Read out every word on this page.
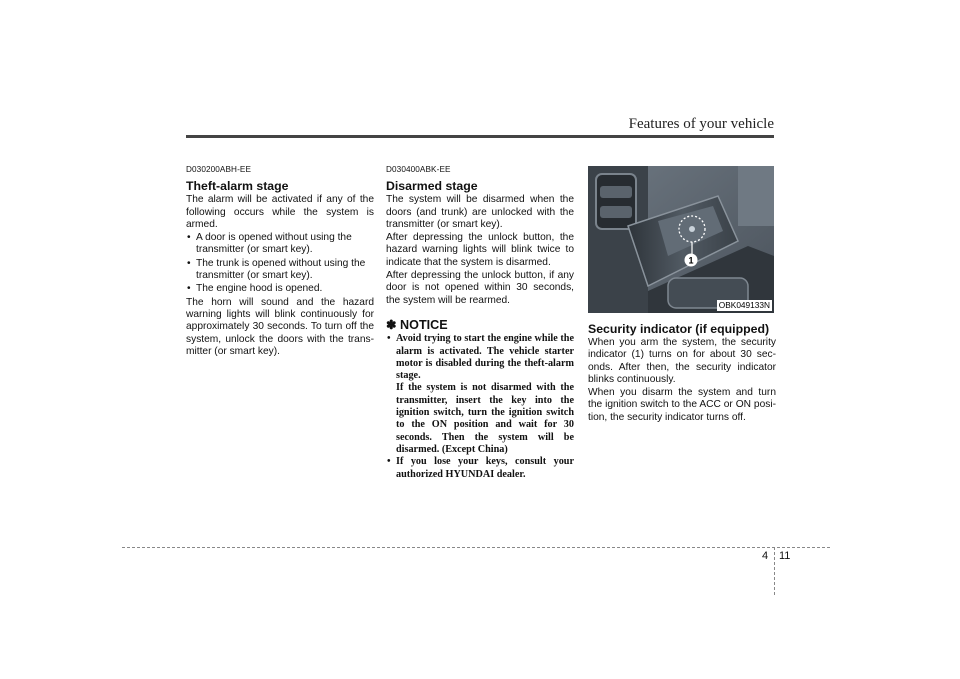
Features of your vehicle
D030200ABH-EE
Theft-alarm stage

The alarm will be activated if any of the following occurs while the system is armed.

• A door is opened without using the transmitter (or smart key).
• The trunk is opened without using the transmitter (or smart key).
• The engine hood is opened.

The horn will sound and the hazard warning lights will blink continuously for approximately 30 seconds. To turn off the system, unlock the doors with the trans-mitter (or smart key).

D030400ABK-EE
Disarmed stage

The system will be disarmed when the doors (and trunk) are unlocked with the transmitter (or smart key).

After depressing the unlock button, the hazard warning lights will blink twice to indicate that the system is disarmed.

After depressing the unlock button, if any door is not opened within 30 seconds, the system will be rearmed.

✽ NOTICE
• Avoid trying to start the engine while the alarm is activated. The vehicle starter motor is disabled during the theft-alarm stage.
If the system is not disarmed with the transmitter, insert the key into the ignition switch, turn the ignition switch to the ON position and wait for 30 seconds. Then the system will be disarmed. (Except China)
• If you lose your keys, consult your authorized HYUNDAI dealer.
1
OBK049133N
Security indicator (if equipped)

When you arm the system, the security indicator (1) turns on for about 30 sec-onds. After then, the security indicator blinks continuously.

When you disarm the system and turn the ignition switch to the ACC or ON posi-tion, the security indicator turns off.

4 11
